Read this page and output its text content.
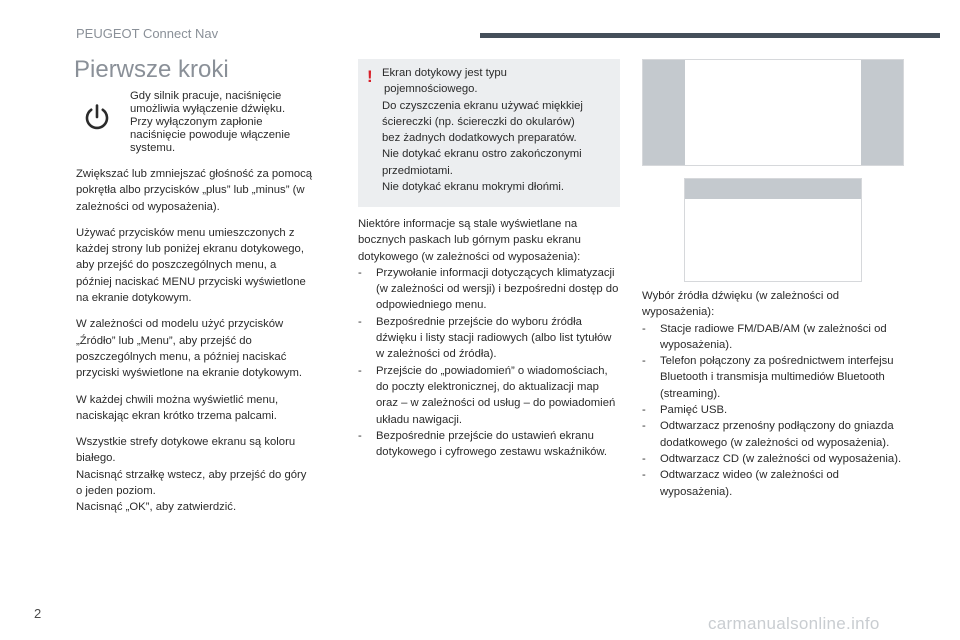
PEUGEOT Connect Nav
Pierwsze kroki
Gdy silnik pracuje, naciśnięcie
umożliwia wyłączenie dźwięku.
Przy wyłączonym zapłonie
naciśnięcie powoduje włączenie
systemu.

Zwiększać lub zmniejszać głośność za pomocą
pokrętła albo przycisków „plus” lub „minus” (w
zależności od wyposażenia).

Używać przycisków menu umieszczonych z
każdej strony lub poniżej ekranu dotykowego,
aby przejść do poszczególnych menu, a
później naciskać MENU przyciski wyświetlone
na ekranie dotykowym.

W zależności od modelu użyć przycisków
„Źródło” lub „Menu”, aby przejść do
poszczególnych menu, a później naciskać
przyciski wyświetlone na ekranie dotykowym.

W każdej chwili można wyświetlić menu,
naciskając ekran krótko trzema palcami.

Wszystkie strefy dotykowe ekranu są koloru
białego.
Nacisnąć strzałkę wstecz, aby przejść do góry
o jeden poziom.
Nacisnąć „OK”, aby zatwierdzić.

! Ekran dotykowy jest typu
pojemnościowego.
Do czyszczenia ekranu używać miękkiej
ściereczki (np. ściereczki do okularów)
bez żadnych dodatkowych preparatów.
Nie dotykać ekranu ostro zakończonymi
przedmiotami.
Nie dotykać ekranu mokrymi dłońmi.
Niektóre informacje są stale wyświetlane na
bocznych paskach lub górnym pasku ekranu
dotykowego (w zależności od wyposażenia):
- Przywołanie informacji dotyczących klimatyzacji (w zależności od wersji) i bezpośredni dostęp do odpowiedniego menu.
- Bezpośrednie przejście do wyboru źródła dźwięku i listy stacji radiowych (albo list tytułów w zależności od źródła).
- Przejście do „powiadomień” o wiadomościach, do poczty elektronicznej, do aktualizacji map oraz – w zależności od usług – do powiadomień układu nawigacji.
- Bezpośrednie przejście do ustawień ekranu dotykowego i cyfrowego zestawu wskaźników.
Wybór źródła dźwięku (w zależności od
wyposażenia):
- Stacje radiowe FM/DAB/AM (w zależności od wyposażenia).
- Telefon połączony za pośrednictwem interfejsu Bluetooth i transmisja multimediów Bluetooth (streaming).
- Pamięć USB.
- Odtwarzacz przenośny podłączony do gniazda dodatkowego (w zależności od wyposażenia).
- Odtwarzacz CD (w zależności od wyposażenia).
- Odtwarzacz wideo (w zależności od wyposażenia).
2
carmanualsonline.info
